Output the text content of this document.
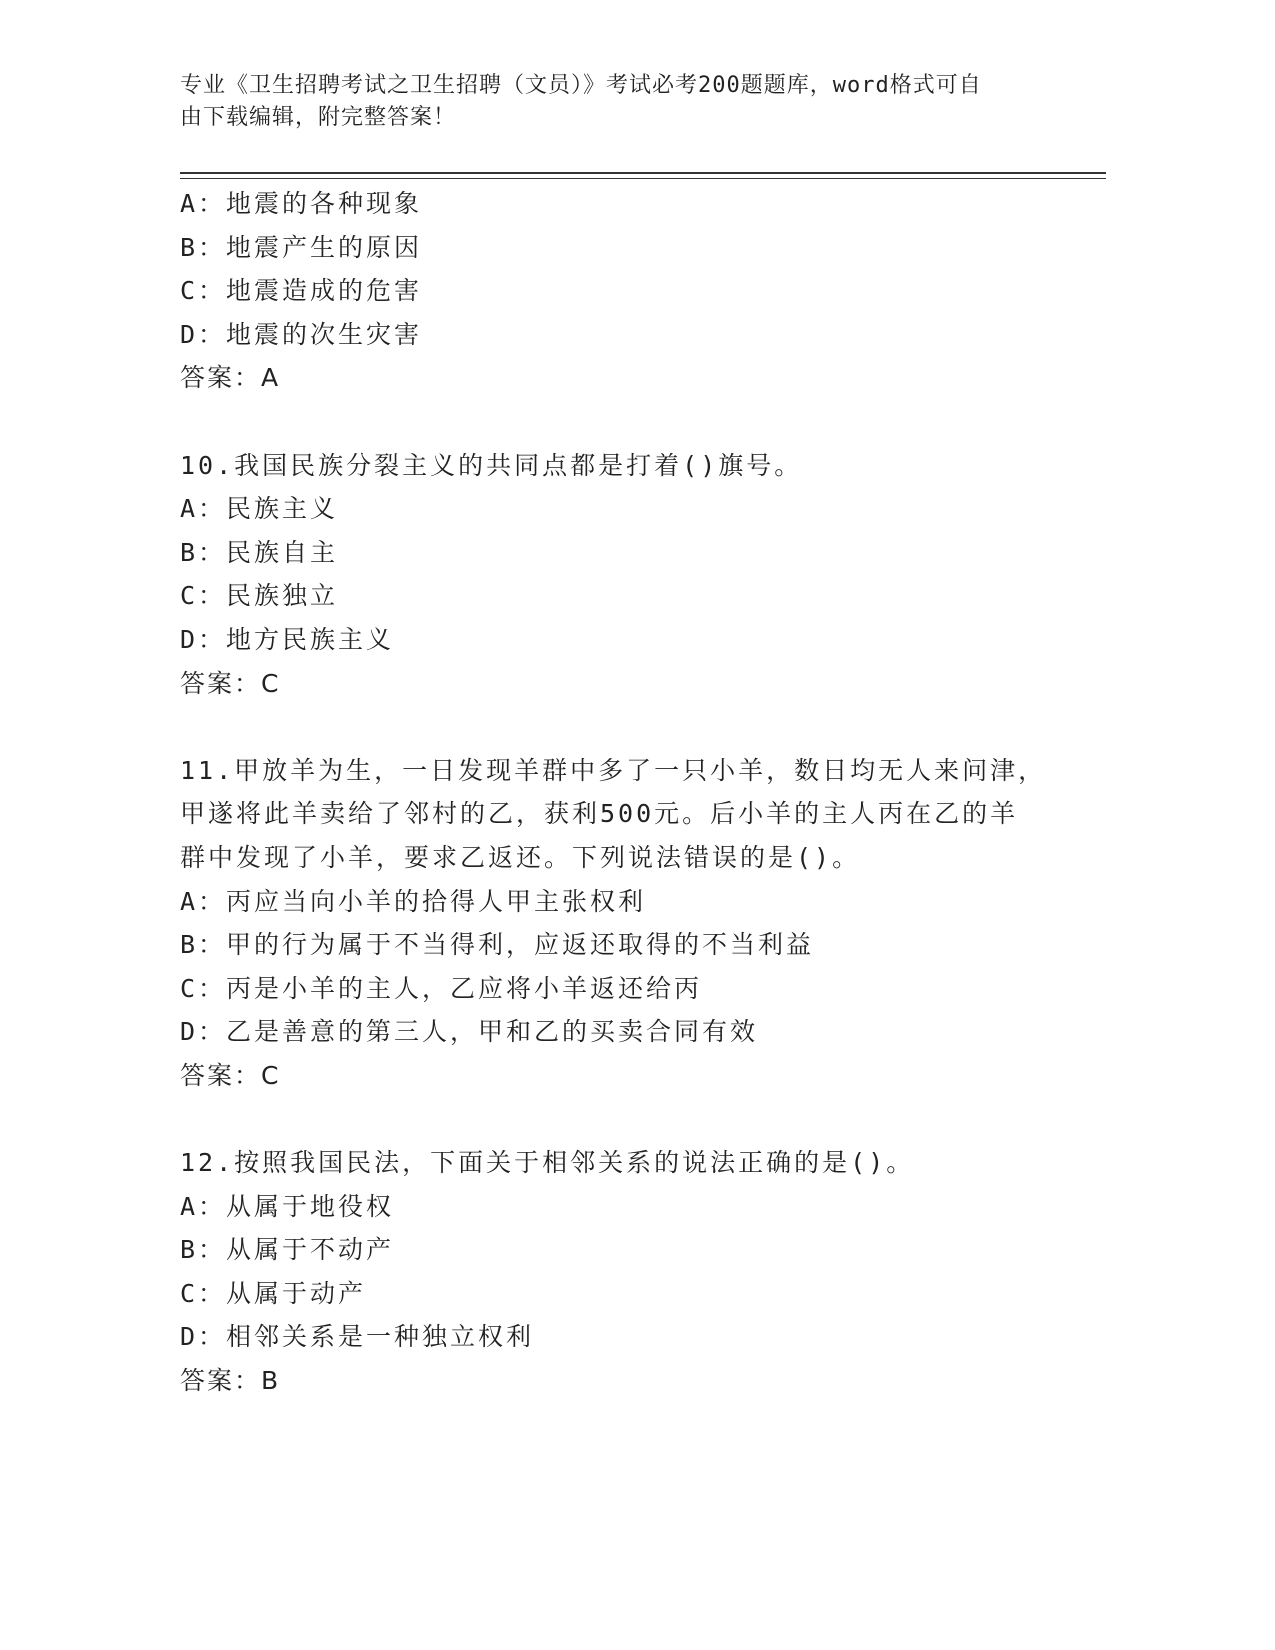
专业《卫生招聘考试之卫生招聘（文员）》考试必考200题题库，word格式可自
由下载编辑，附完整答案！
A：地震的各种现象
B：地震产生的原因
C：地震造成的危害
D：地震的次生灾害
答案：A
10.我国民族分裂主义的共同点都是打着()旗号。
A：民族主义
B：民族自主
C：民族独立
D：地方民族主义
答案：C
11.甲放羊为生，一日发现羊群中多了一只小羊，数日均无人来问津，
甲遂将此羊卖给了邻村的乙，获利500元。后小羊的主人丙在乙的羊
群中发现了小羊，要求乙返还。下列说法错误的是()。
A：丙应当向小羊的拾得人甲主张权利
B：甲的行为属于不当得利，应返还取得的不当利益
C：丙是小羊的主人，乙应将小羊返还给丙
D：乙是善意的第三人，甲和乙的买卖合同有效
答案：C
12.按照我国民法，下面关于相邻关系的说法正确的是()。
A：从属于地役权
B：从属于不动产
C：从属于动产
D：相邻关系是一种独立权利
答案：B
